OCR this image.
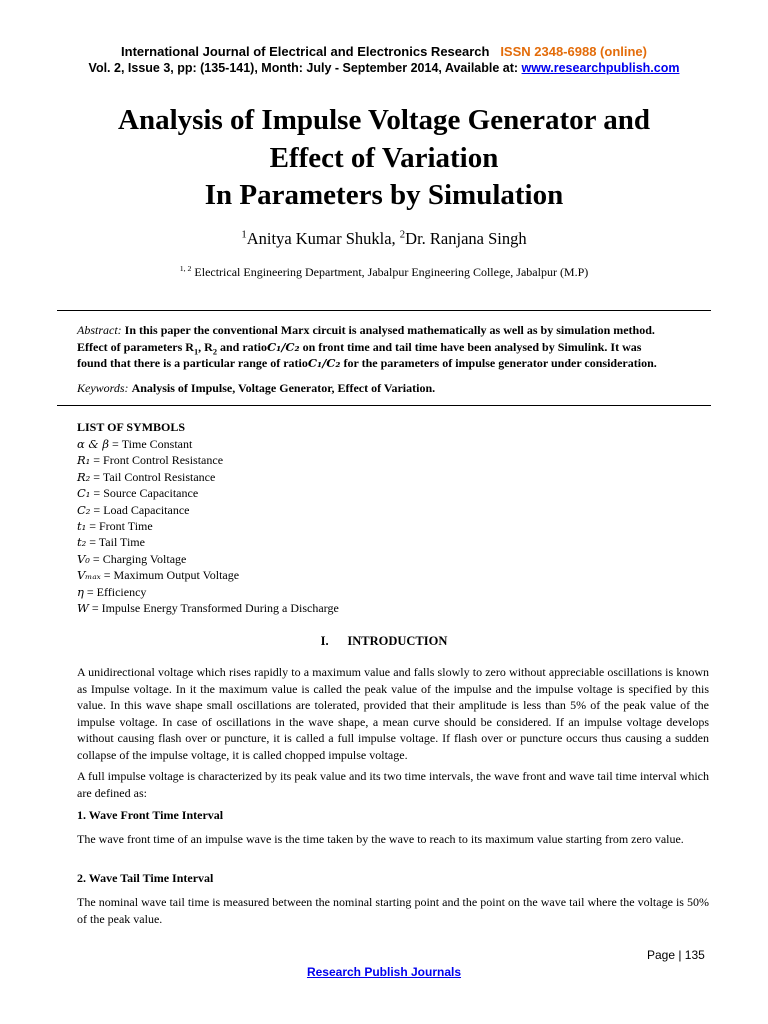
International Journal of Electrical and Electronics Research ISSN 2348-6988 (online)
Vol. 2, Issue 3, pp: (135-141), Month: July - September 2014, Available at: www.researchpublish.com
Analysis of Impulse Voltage Generator and
Effect of Variation
In Parameters by Simulation
$^1$Anitya Kumar Shukla, $^2$Dr. Ranjana Singh
$^{1, 2}$ Electrical Engineering Department, Jabalpur Engineering College, Jabalpur (M.P)
Abstract: In this paper the conventional Marx circuit is analysed mathematically as well as by simulation method.
Effect of parameters $R_1$, $R_2$ and ratioC₁/C₂ on front time and tail time have been analysed by Simulink. It was
found that there is a particular range of ratioC₁/C₂ for the parameters of impulse generator under consideration.
Keywords: Analysis of Impulse, Voltage Generator, Effect of Variation.
LIST OF SYMBOLS
α & β = Time Constant
R₁ = Front Control Resistance
R₂ = Tail Control Resistance
C₁ = Source Capacitance
C₂ = Load Capacitance
t₁ = Front Time
t₂ = Tail Time
V₀ = Charging Voltage
Vₘₐₓ = Maximum Output Voltage
η = Efficiency
W = Impulse Energy Transformed During a Discharge
I. INTRODUCTION
A unidirectional voltage which rises rapidly to a maximum value and falls slowly to zero without appreciable oscillations is known as Impulse voltage. In it the maximum value is called the peak value of the impulse and the impulse voltage is specified by this value. In this wave shape small oscillations are tolerated, provided that their amplitude is less than 5% of the peak value of the impulse voltage. In case of oscillations in the wave shape, a mean curve should be considered. If an impulse voltage develops without causing flash over or puncture, it is called a full impulse voltage. If flash over or puncture occurs thus causing a sudden collapse of the impulse voltage, it is called chopped impulse voltage.
A full impulse voltage is characterized by its peak value and its two time intervals, the wave front and wave tail time interval which are defined as:
1. Wave Front Time Interval
The wave front time of an impulse wave is the time taken by the wave to reach to its maximum value starting from zero value.
2. Wave Tail Time Interval
The nominal wave tail time is measured between the nominal starting point and the point on the wave tail where the voltage is 50% of the peak value.
Page | 135
Research Publish Journals
